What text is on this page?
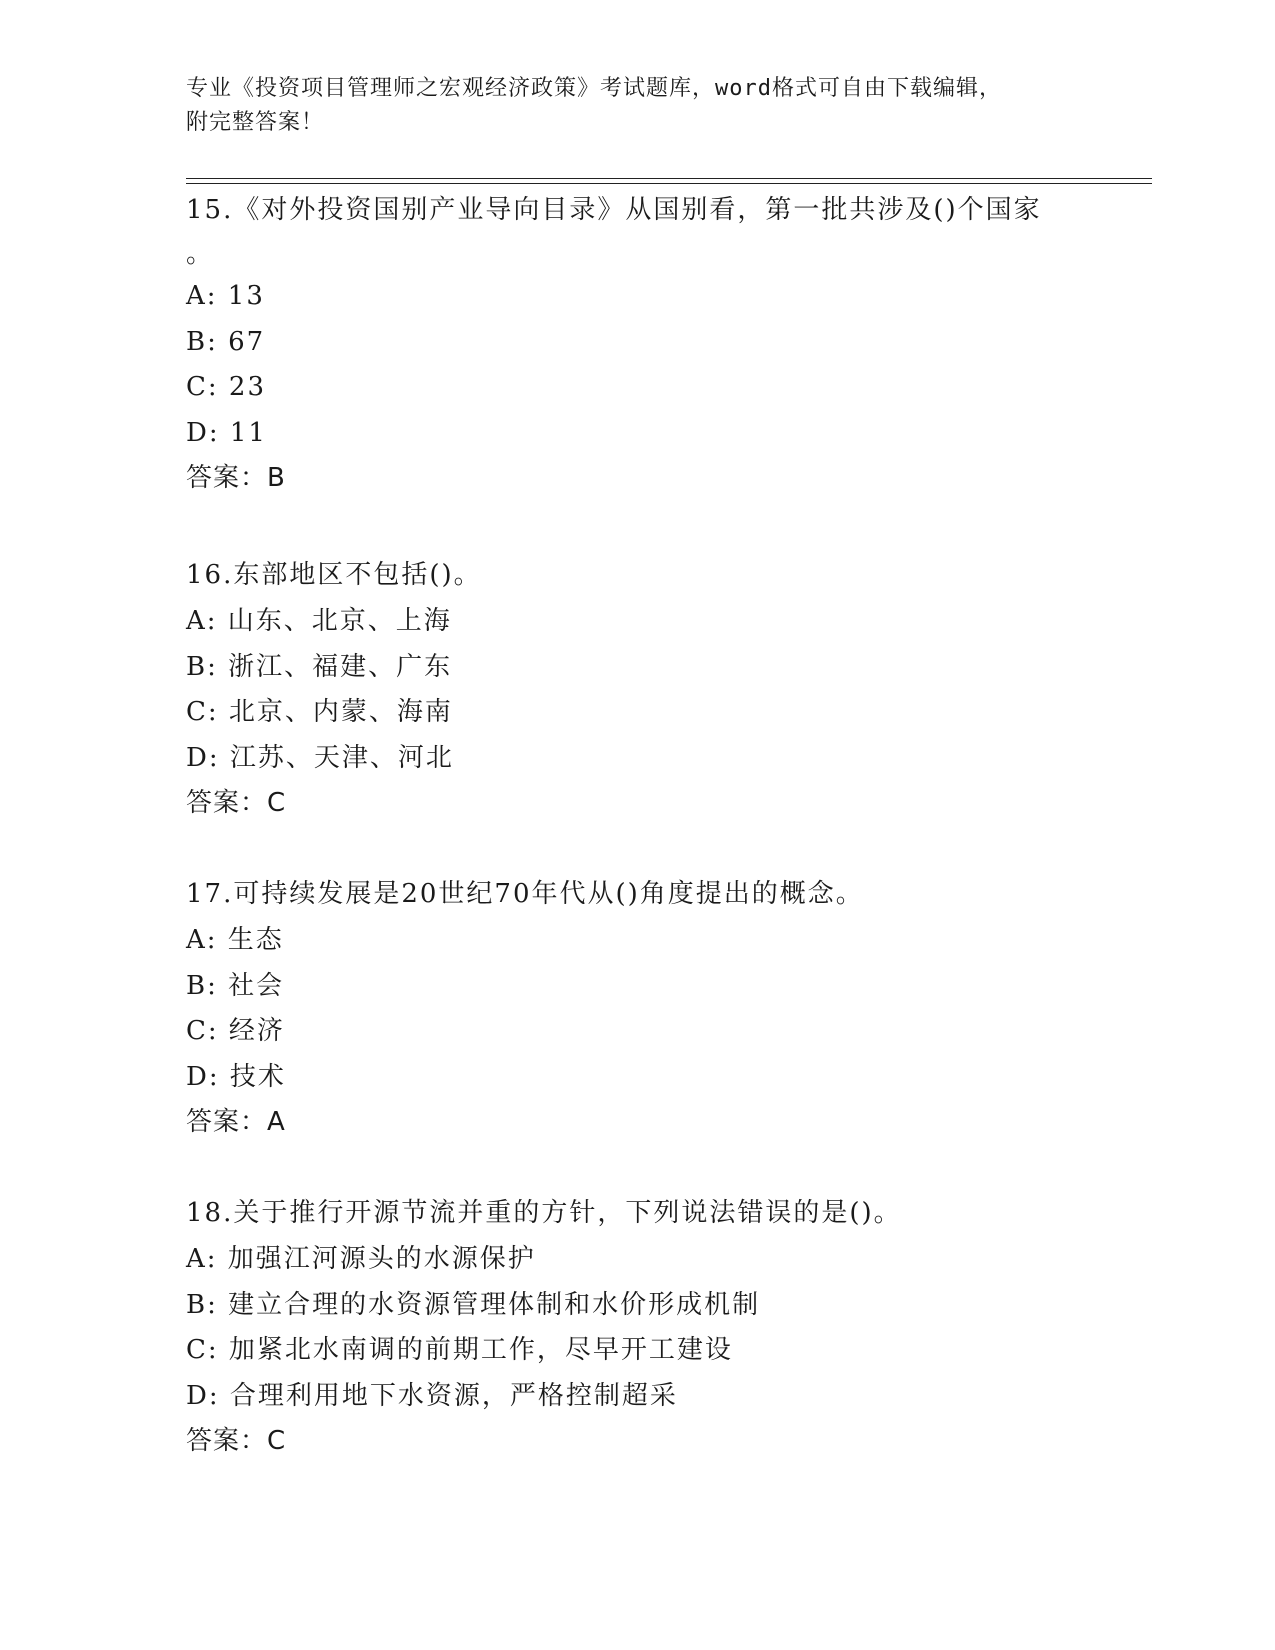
专业《投资项目管理师之宏观经济政策》考试题库，word格式可自由下载编辑，
附完整答案！

15.《对外投资国别产业导向目录》从国别看，第一批共涉及()个国家

。

A: 13

B: 67

C: 23

D: 11

答案：B

16.东部地区不包括()。

A: 山东、北京、上海

B: 浙江、福建、广东

C: 北京、内蒙、海南

D: 江苏、天津、河北

答案：C

17.可持续发展是20世纪70年代从()角度提出的概念。

A: 生态

B: 社会

C: 经济

D: 技术

答案：A

18.关于推行开源节流并重的方针，下列说法错误的是()。

A: 加强江河源头的水源保护

B: 建立合理的水资源管理体制和水价形成机制

C: 加紧北水南调的前期工作，尽早开工建设

D: 合理利用地下水资源，严格控制超采

答案：C
